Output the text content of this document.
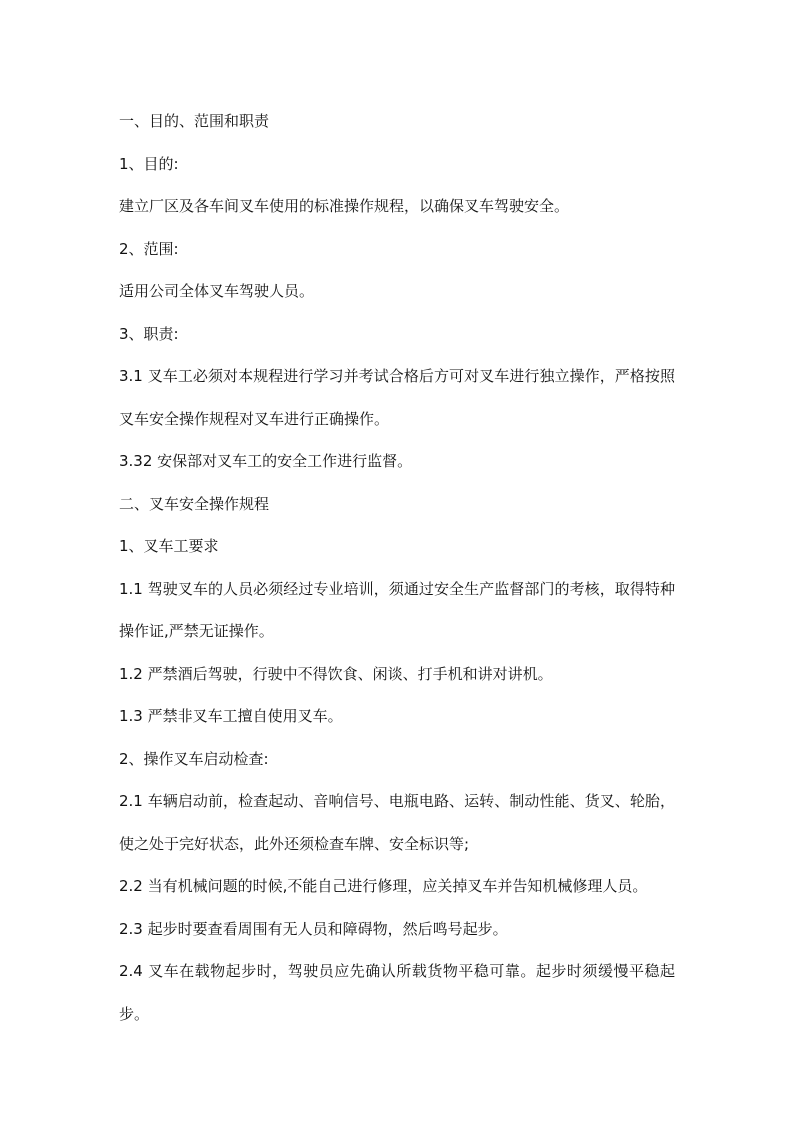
一、目的、范围和职责

1、目的:

建立厂区及各车间叉车使用的标准操作规程，以确保叉车驾驶安全。

2、范围:

适用公司全体叉车驾驶人员。

3、职责:

3.1 叉车工必须对本规程进行学习并考试合格后方可对叉车进行独立操作，严格按照叉车安全操作规程对叉车进行正确操作。

3.32 安保部对叉车工的安全工作进行监督。

二、叉车安全操作规程

1、叉车工要求

1.1 驾驶叉车的人员必须经过专业培训，须通过安全生产监督部门的考核，取得特种操作证,严禁无证操作。

1.2 严禁酒后驾驶，行驶中不得饮食、闲谈、打手机和讲对讲机。

1.3 严禁非叉车工擅自使用叉车。

2、操作叉车启动检查:

2.1 车辆启动前，检查起动、音响信号、电瓶电路、运转、制动性能、货叉、轮胎，使之处于完好状态，此外还须检查车牌、安全标识等;

2.2 当有机械问题的时候,不能自己进行修理，应关掉叉车并告知机械修理人员。

2.3 起步时要查看周围有无人员和障碍物，然后鸣号起步。

2.4 叉车在载物起步时，驾驶员应先确认所载货物平稳可靠。起步时须缓慢平稳起步。
